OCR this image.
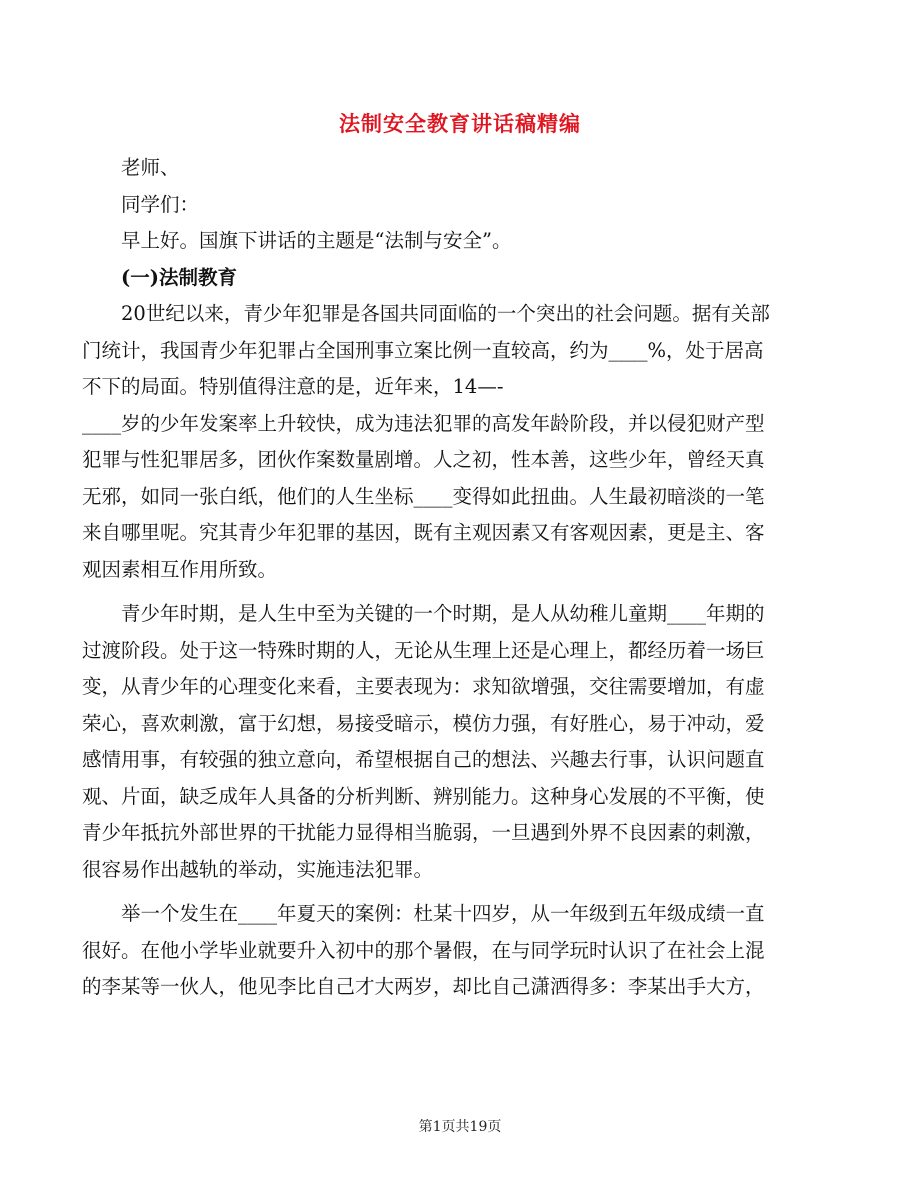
法制安全教育讲话稿精编
老师、
同学们：
早上好。国旗下讲话的主题是“法制与安全”。
(一)法制教育
20世纪以来，青少年犯罪是各国共同面临的一个突出的社会问题。据有关部
门统计，我国青少年犯罪占全国刑事立案比例一直较高，约为____%，处于居高
不下的局面。特别值得注意的是，近年来，14—-
____岁的少年发案率上升较快，成为违法犯罪的高发年龄阶段，并以侵犯财产型
犯罪与性犯罪居多，团伙作案数量剧增。人之初，性本善，这些少年，曾经天真
无邪，如同一张白纸，他们的人生坐标____变得如此扭曲。人生最初暗淡的一笔
来自哪里呢。究其青少年犯罪的基因，既有主观因素又有客观因素，更是主、客
观因素相互作用所致。
青少年时期，是人生中至为关键的一个时期，是人从幼稚儿童期____年期的
过渡阶段。处于这一特殊时期的人，无论从生理上还是心理上，都经历着一场巨
变，从青少年的心理变化来看，主要表现为：求知欲增强，交往需要增加，有虚
荣心，喜欢刺激，富于幻想，易接受暗示，模仿力强，有好胜心，易于冲动，爱
感情用事，有较强的独立意向，希望根据自己的想法、兴趣去行事，认识问题直
观、片面，缺乏成年人具备的分析判断、辨别能力。这种身心发展的不平衡，使
青少年抵抗外部世界的干扰能力显得相当脆弱，一旦遇到外界不良因素的刺激，
很容易作出越轨的举动，实施违法犯罪。
举一个发生在____年夏天的案例：杜某十四岁，从一年级到五年级成绩一直
很好。在他小学毕业就要升入初中的那个暑假，在与同学玩时认识了在社会上混
的李某等一伙人，他见李比自己才大两岁，却比自己潇洒得多：李某出手大方，
第1页共19页
